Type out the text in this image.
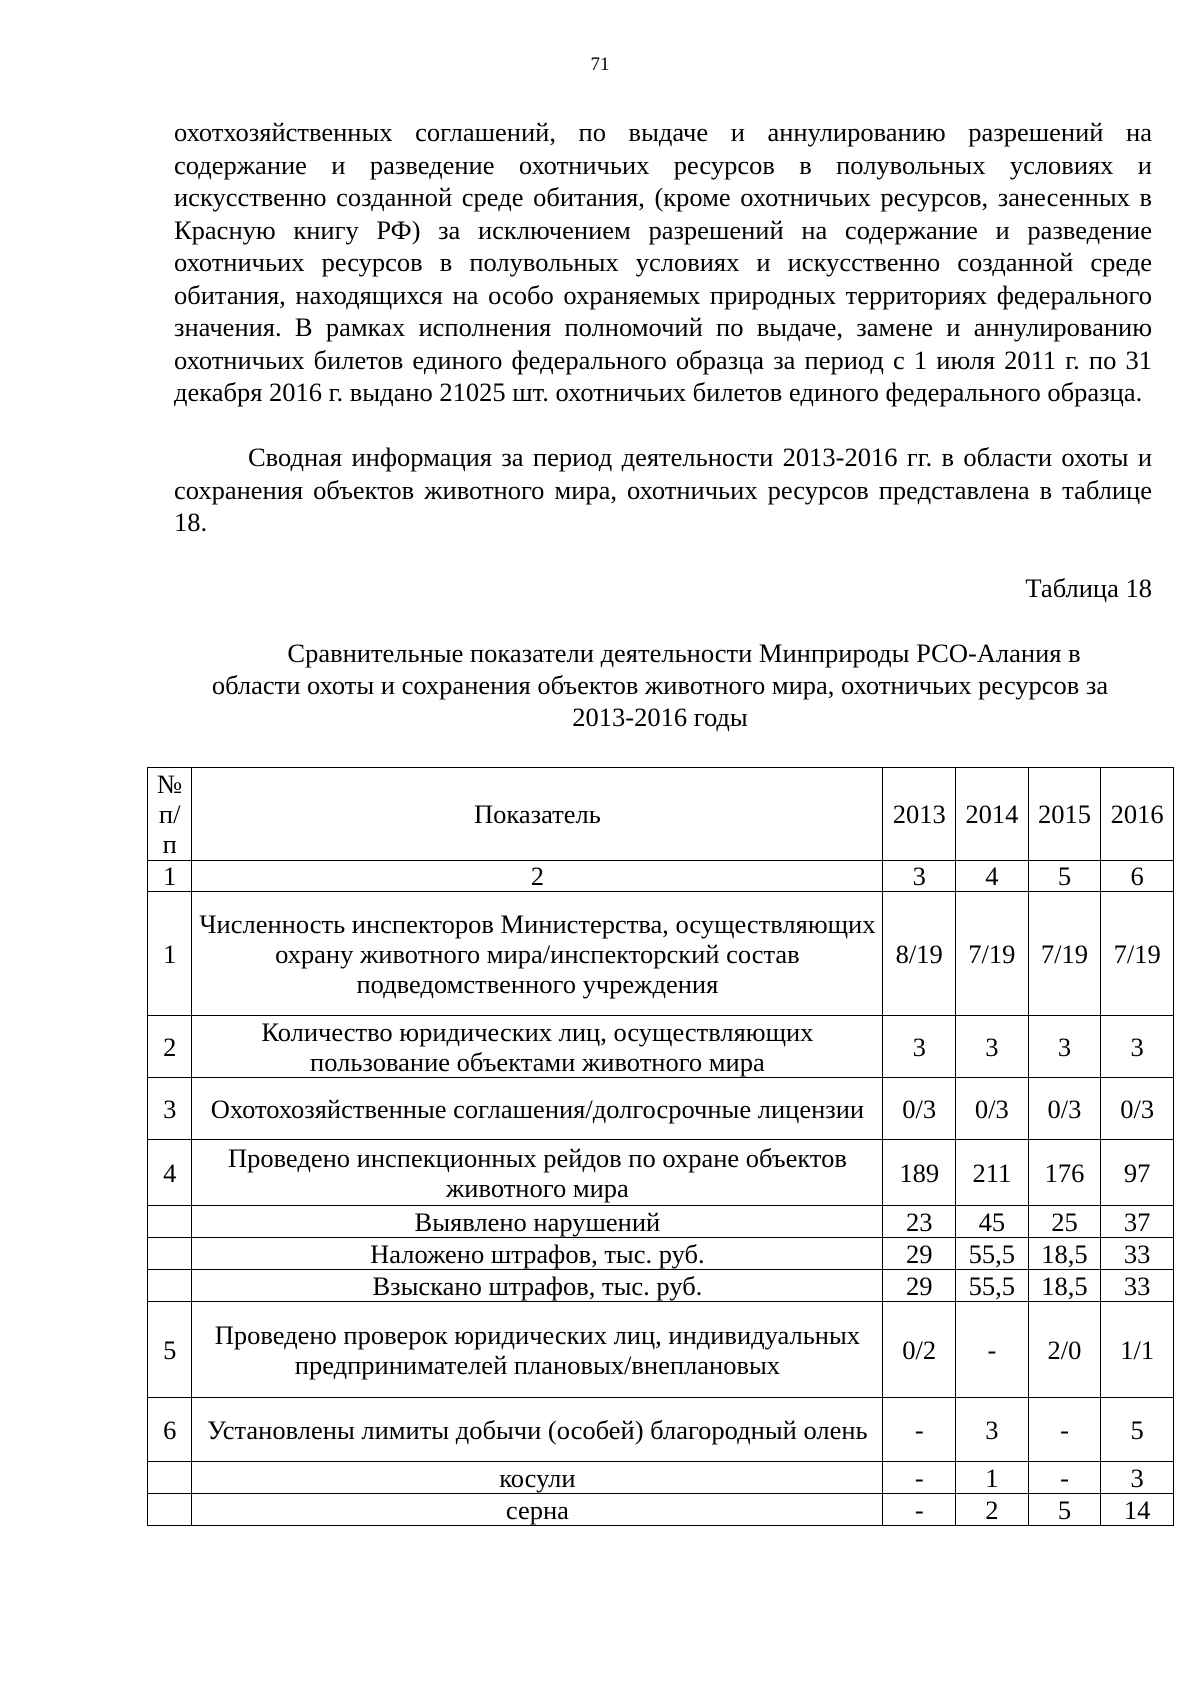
71

охотхозяйственных соглашений, по выдаче и аннулированию разрешений на содержание и разведение охотничьих ресурсов в полувольных условиях и искусственно созданной среде обитания, (кроме охотничьих ресурсов, занесенных в Красную книгу РФ) за исключением разрешений на содержание и разведение охотничьих ресурсов в полувольных условиях и искусственно созданной среде обитания, находящихся на особо охраняемых природных территориях федерального значения. В рамках исполнения полномочий по выдаче, замене и аннулированию охотничьих билетов единого федерального образца за период с 1 июля 2011 г. по 31 декабря 2016 г. выдано 21025 шт. охотничьих билетов единого федерального образца.

Сводная информация за период деятельности 2013-2016 гг. в области охоты и сохранения объектов животного мира, охотничьих ресурсов представлена в таблице 18.

Таблица 18
Сравнительные показатели деятельности Минприроды РСО-Алания в
области охоты и сохранения объектов животного мира, охотничьих ресурсов за
2013-2016 годы
№
п/
п	Показатель	2013	2014	2015	2016
1	2	3	4	5	6
1	Численность инспекторов Министерства, осуществляющих охрану животного мира/инспекторский состав подведомственного учреждения	8/19	7/19	7/19	7/19
2	Количество юридических лиц, осуществляющих пользование объектами животного мира	3	3	3	3
3	Охотохозяйственные соглашения/долгосрочные лицензии	0/3	0/3	0/3	0/3
4	Проведено инспекционных рейдов по охране объектов животного мира	189	211	176	97
	Выявлено нарушений	23	45	25	37
	Наложено штрафов, тыс. руб.	29	55,5	18,5	33
	Взыскано штрафов, тыс. руб.	29	55,5	18,5	33
5	Проведено проверок юридических лиц, индивидуальных предпринимателей плановых/внеплановых	0/2	-	2/0	1/1
6	Установлены лимиты добычи (особей) благородный олень	-	3	-	5
	косули	-	1	-	3
	серна	-	2	5	14
